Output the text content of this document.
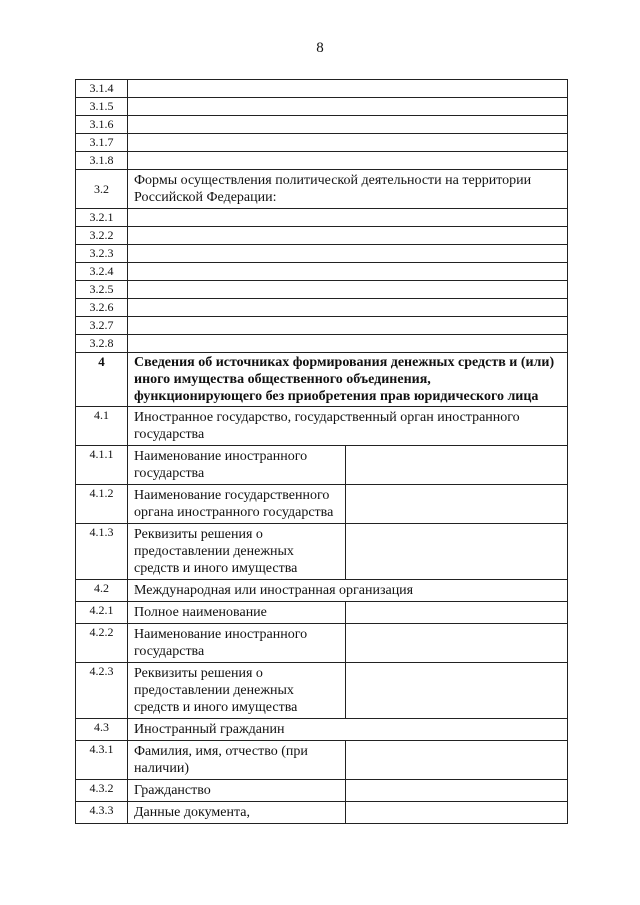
8
3.1.4		
3.1.5		
3.1.6		
3.1.7		
3.1.8		
3.2	Формы осуществления политической деятельности на территории Российской Федерации:	
3.2.1		
3.2.2		
3.2.3		
3.2.4		
3.2.5		
3.2.6		
3.2.7		
3.2.8		
4	Сведения об источниках формирования денежных средств и (или) иного имущества общественного объединения, функционирующего без приобретения прав юридического лица	
4.1	Иностранное государство, государственный орган иностранного государства	
4.1.1	Наименование иностранного государства	
4.1.2	Наименование государственного органа иностранного государства	
4.1.3	Реквизиты решения о предоставлении денежных средств и иного имущества	
4.2	Международная или иностранная организация	
4.2.1	Полное наименование	
4.2.2	Наименование иностранного государства	
4.2.3	Реквизиты решения о предоставлении денежных средств и иного имущества	
4.3	Иностранный гражданин	
4.3.1	Фамилия, имя, отчество (при наличии)	
4.3.2	Гражданство	
4.3.3	Данные документа,	
